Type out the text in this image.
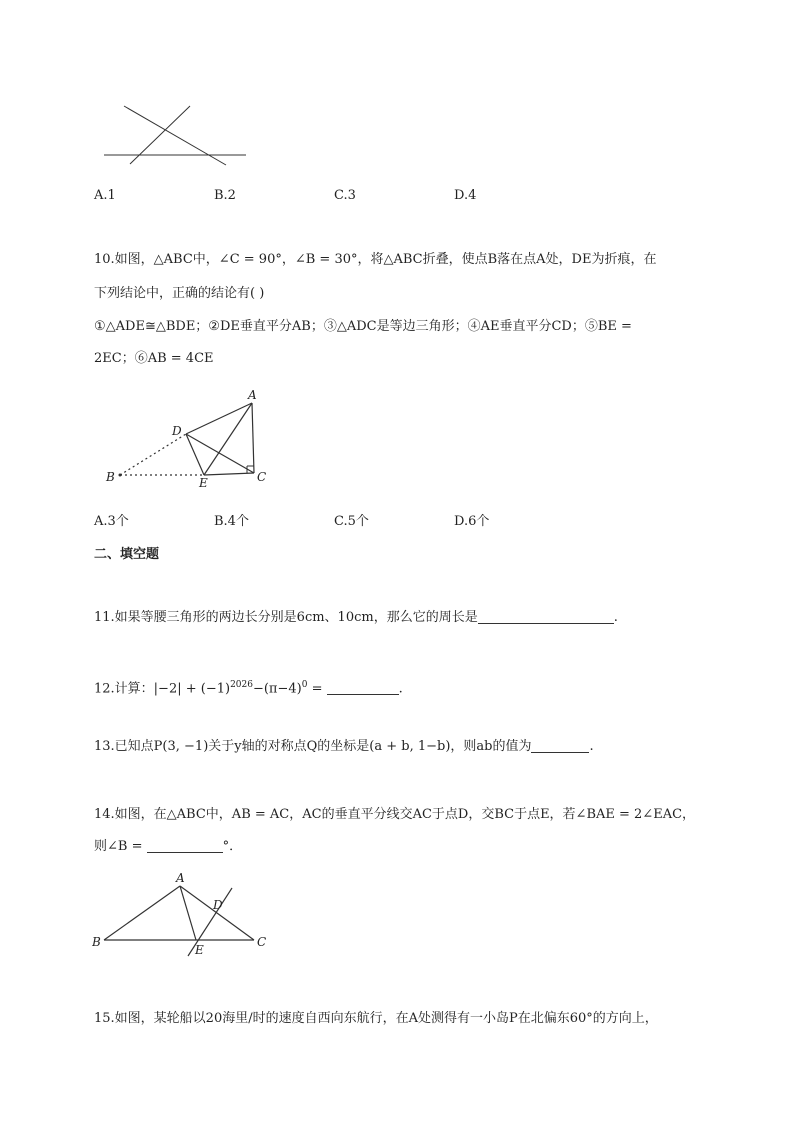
A.1	B.2	C.3	D.4
10.如图，△ABC中，∠C = 90°，∠B = 30°，将△ABC折叠，使点B落在点A处，DE为折痕，在
下列结论中，正确的结论有( )
①△ADE≅△BDE；②DE垂直平分AB；③△ADC是等边三角形；④AE垂直平分CD；⑤BE =
2EC；⑥AB = 4CE
A
D
B	E	C
A.3个	B.4个	C.5个	D.6个
二、填空题
11.如果等腰三角形的两边长分别是6cm、10cm，那么它的周长是	.
12.计算：$|-2| + (-1)^{2026}-(\pi-4)^0$ =	.
13.已知点P(3, −1)关于y轴的对称点Q的坐标是(a + b, 1−b)，则ab的值为	.
14.如图，在△ABC中，AB = AC，AC的垂直平分线交AC于点D，交BC于点E，若∠BAE = 2∠EAC，
则∠B =	°．
A
D
B
E
C
15.如图，某轮船以20海里/时的速度自西向东航行，在A处测得有一小岛P在北偏东60°的方向上，
